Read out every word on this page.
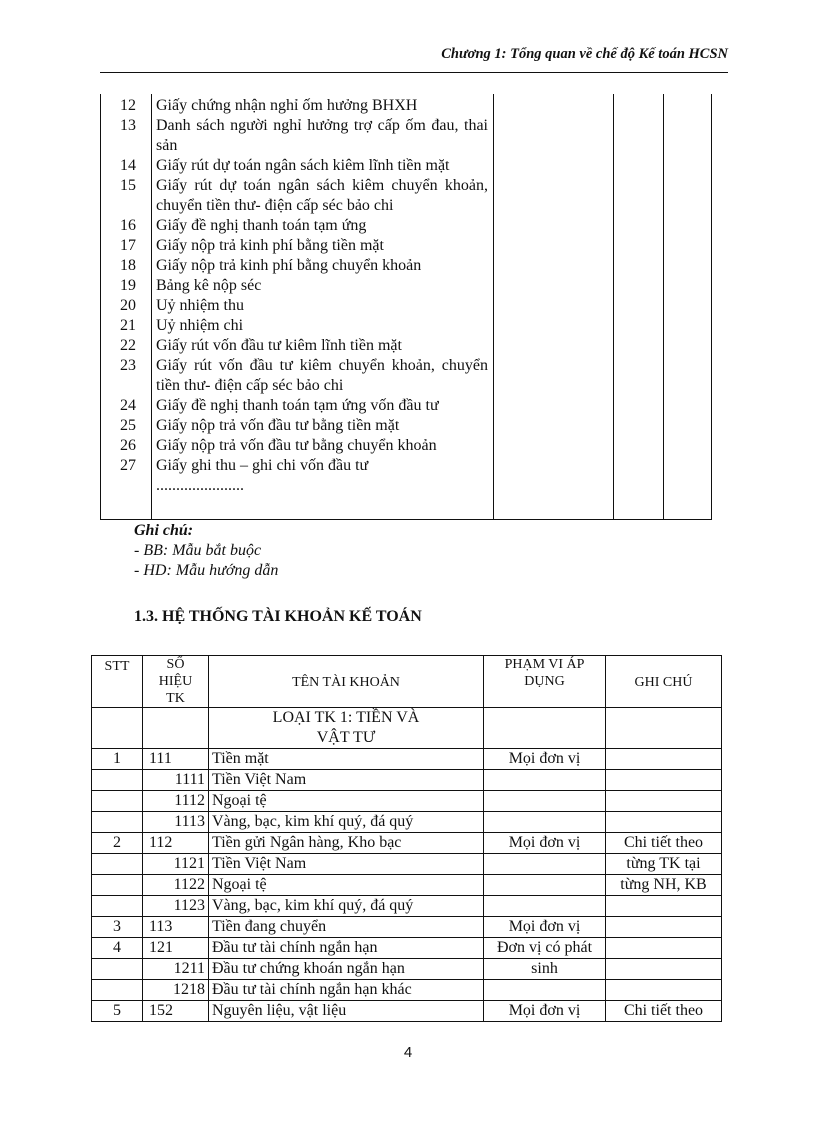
Chương 1: Tổng quan về chế độ Kế toán HCSN
12 Giấy chứng nhận nghỉ ốm hưởng BHXH
13 Danh sách người nghỉ hưởng trợ cấp ốm đau, thai sản
14 Giấy rút dự toán ngân sách kiêm lĩnh tiền mặt
15 Giấy rút dự toán ngân sách kiêm chuyển khoản, chuyển tiền thư- điện cấp séc bảo chi
16 Giấy đề nghị thanh toán tạm ứng
17 Giấy nộp trả kinh phí bằng tiền mặt
18 Giấy nộp trả kinh phí bằng chuyển khoản
19 Bảng kê nộp séc
20 Uỷ nhiệm thu
21 Uỷ nhiệm chi
22 Giấy rút vốn đầu tư kiêm lĩnh tiền mặt
23 Giấy rút vốn đầu tư kiêm chuyển khoản, chuyển tiền thư- điện cấp séc bảo chi
24 Giấy đề nghị thanh toán tạm ứng vốn đầu tư
25 Giấy nộp trả vốn đầu tư bằng tiền mặt
26 Giấy nộp trả vốn đầu tư bằng chuyển khoản
27 Giấy ghi thu – ghi chi vốn đầu tư
......................
Ghi chú:
- BB: Mẫu bắt buộc
- HD: Mẫu hướng dẫn
1.3. HỆ THỐNG TÀI KHOẢN KẾ TOÁN
STT	SỐ HIỆU TK	TÊN TÀI KHOẢN	PHẠM VI ÁP DỤNG	GHI CHÚ
		LOẠI TK 1: TIỀN VÀ VẬT TƯ		
1	111	Tiền mặt	Mọi đơn vị	
	1111	Tiền Việt Nam		
	1112	Ngoại tệ		
	1113	Vàng, bạc, kim khí quý, đá quý		
2	112	Tiền gửi Ngân hàng, Kho bạc	Mọi đơn vị	Chi tiết theo
	1121	Tiền Việt Nam		từng TK tại
	1122	Ngoại tệ		từng NH, KB
	1123	Vàng, bạc, kim khí quý, đá quý		
3	113	Tiền đang chuyển	Mọi đơn vị	
4	121	Đầu tư tài chính ngắn hạn	Đơn vị có phát	
	1211	Đầu tư chứng khoán ngắn hạn	sinh	
	1218	Đầu tư tài chính ngắn hạn khác		
5	152	Nguyên liệu, vật liệu	Mọi đơn vị	Chi tiết theo
4
